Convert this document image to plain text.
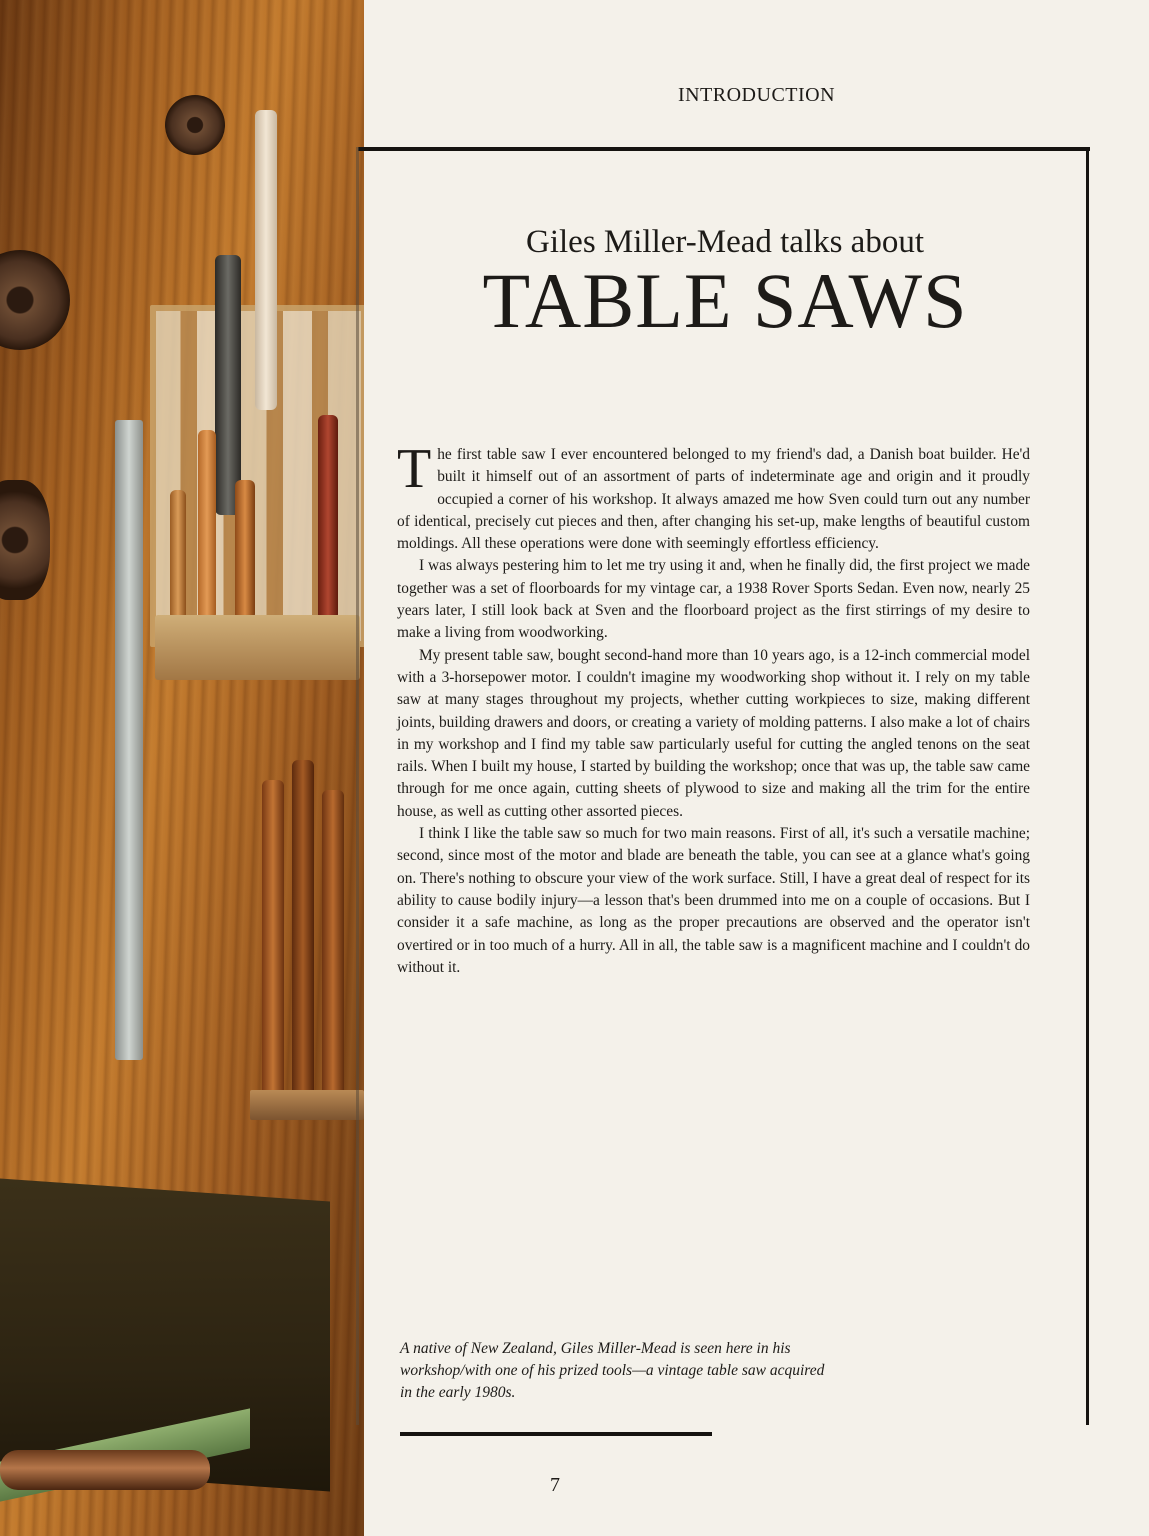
INTRODUCTION
Giles Miller-Mead talks about
TABLE SAWS

The first table saw I ever encountered belonged to my friend's dad, a Danish boat builder. He'd built it himself out of an assortment of parts of indeterminate age and origin and it proudly occupied a corner of his workshop. It always amazed me how Sven could turn out any number of identical, precisely cut pieces and then, after changing his set-up, make lengths of beautiful custom moldings. All these operations were done with seemingly effortless efficiency.

I was always pestering him to let me try using it and, when he finally did, the first project we made together was a set of floorboards for my vintage car, a 1938 Rover Sports Sedan. Even now, nearly 25 years later, I still look back at Sven and the floorboard project as the first stirrings of my desire to make a living from woodworking.

My present table saw, bought second-hand more than 10 years ago, is a 12-inch commercial model with a 3-horsepower motor. I couldn't imagine my woodworking shop without it. I rely on my table saw at many stages throughout my projects, whether cutting workpieces to size, making different joints, building drawers and doors, or creating a variety of molding patterns. I also make a lot of chairs in my workshop and I find my table saw particularly useful for cutting the angled tenons on the seat rails. When I built my house, I started by building the workshop; once that was up, the table saw came through for me once again, cutting sheets of plywood to size and making all the trim for the entire house, as well as cutting other assorted pieces.

I think I like the table saw so much for two main reasons. First of all, it's such a versatile machine; second, since most of the motor and blade are beneath the table, you can see at a glance what's going on. There's nothing to obscure your view of the work surface. Still, I have a great deal of respect for its ability to cause bodily injury—a lesson that's been drummed into me on a couple of occasions. But I consider it a safe machine, as long as the proper precautions are observed and the operator isn't overtired or in too much of a hurry. All in all, the table saw is a magnificent machine and I couldn't do without it.

A native of New Zealand, Giles Miller-Mead is seen here in his workshop/with one of his prized tools—a vintage table saw acquired in the early 1980s.
7
